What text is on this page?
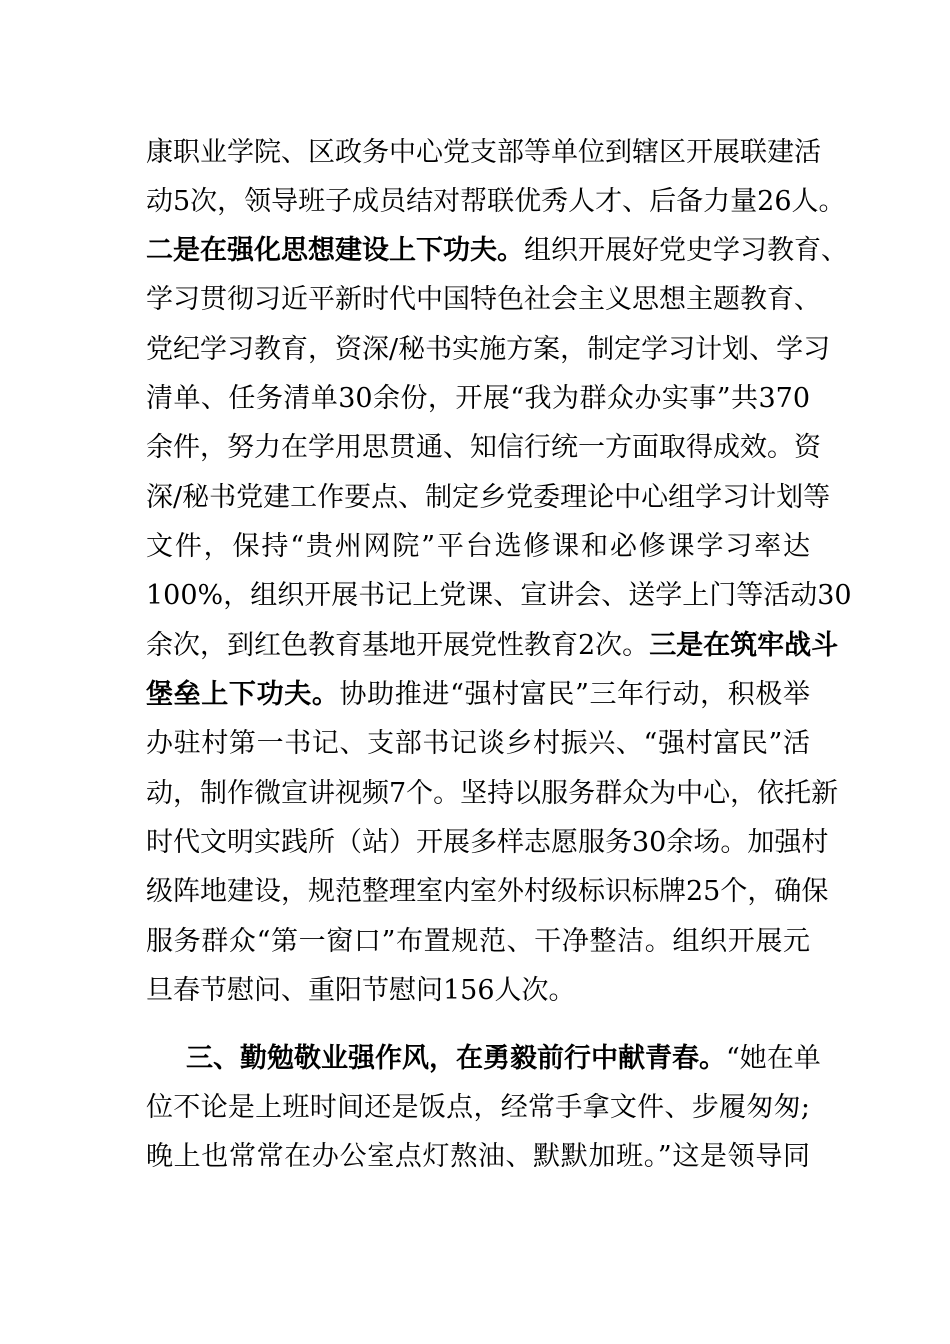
康职业学院、区政务中心党支部等单位到辖区开展联建活
动5次，领导班子成员结对帮联优秀人才、后备力量26人。
二是在强化思想建设上下功夫。组织开展好党史学习教育、
学习贯彻习近平新时代中国特色社会主义思想主题教育、
党纪学习教育，资深/秘书实施方案，制定学习计划、学习
清单、任务清单30余份，开展“我为群众办实事”共370
余件，努力在学用思贯通、知信行统一方面取得成效。资
深/秘书党建工作要点、制定乡党委理论中心组学习计划等
文件，保持“贵州网院”平台选修课和必修课学习率达
100%，组织开展书记上党课、宣讲会、送学上门等活动30
余次，到红色教育基地开展党性教育2次。三是在筑牢战斗
堡垒上下功夫。协助推进“强村富民”三年行动，积极举
办驻村第一书记、支部书记谈乡村振兴、“强村富民”活
动，制作微宣讲视频7个。坚持以服务群众为中心，依托新
时代文明实践所（站）开展多样志愿服务30余场。加强村
级阵地建设，规范整理室内室外村级标识标牌25个，确保
服务群众“第一窗口”布置规范、干净整洁。组织开展元
旦春节慰问、重阳节慰问156人次。
三、勤勉敬业强作风，在勇毅前行中献青春。“她在单
位不论是上班时间还是饭点，经常手拿文件、步履匆匆;
晚上也常常在办公室点灯熬油、默默加班。”这是领导同
